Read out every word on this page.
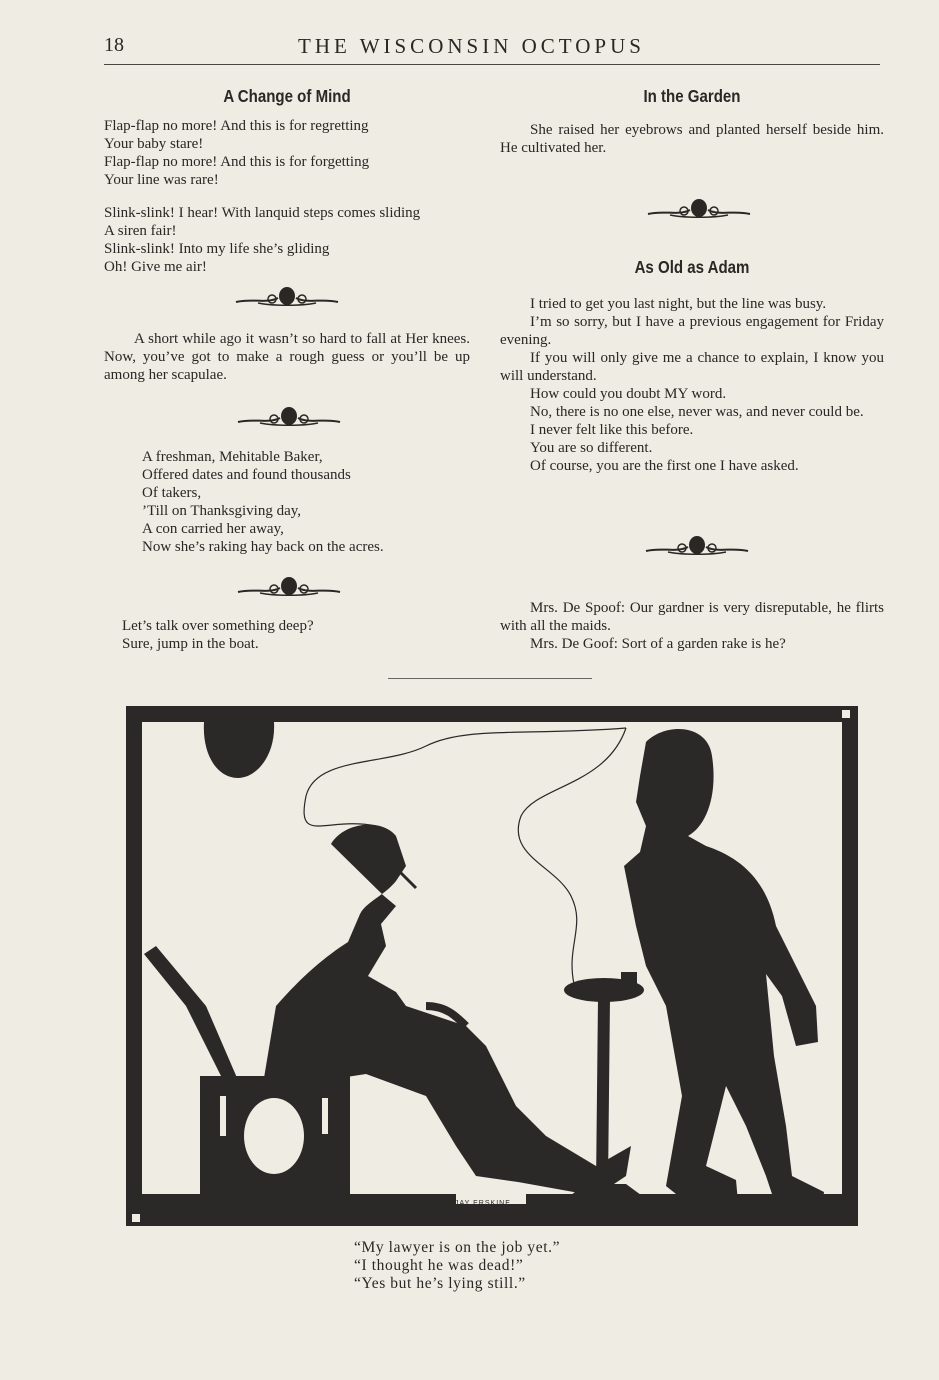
18	THE WISCONSIN OCTOPUS
A Change of Mind
Flap-flap no more! And this is for regretting
Your baby stare!
Flap-flap no more! And this is for forgetting
Your line was rare!
Slink-slink! I hear! With lanquid steps comes sliding
A siren fair!
Slink-slink! Into my life she’s gliding
Oh! Give me air!
A short while ago it wasn’t so hard to fall at Her knees. Now, you’ve got to make a rough guess or you’ll be up among her scapulae.
A freshman, Mehitable Baker,
Offered dates and found thousands
Of takers,
’Till on Thanksgiving day,
A con carried her away,
Now she’s raking hay back on the acres.
Let’s talk over something deep?
Sure, jump in the boat.
In the Garden
She raised her eyebrows and planted herself beside him. He cultivated her.
As Old as Adam
I tried to get you last night, but the line was busy.
I’m so sorry, but I have a previous engagement for Friday evening.
If you will only give me a chance to explain, I know you will understand.
How could you doubt MY word.
No, there is no one else, never was, and never could be.
I never felt like this before.
You are so different.
Of course, you are the first one I have asked.
Mrs. De Spoof: Our gardner is very disreputable, he flirts with all the maids.
Mrs. De Goof: Sort of a garden rake is he?
JAY ERSKINE
“My lawyer is on the job yet.”
“I thought he was dead!”
“Yes but he’s lying still.”
